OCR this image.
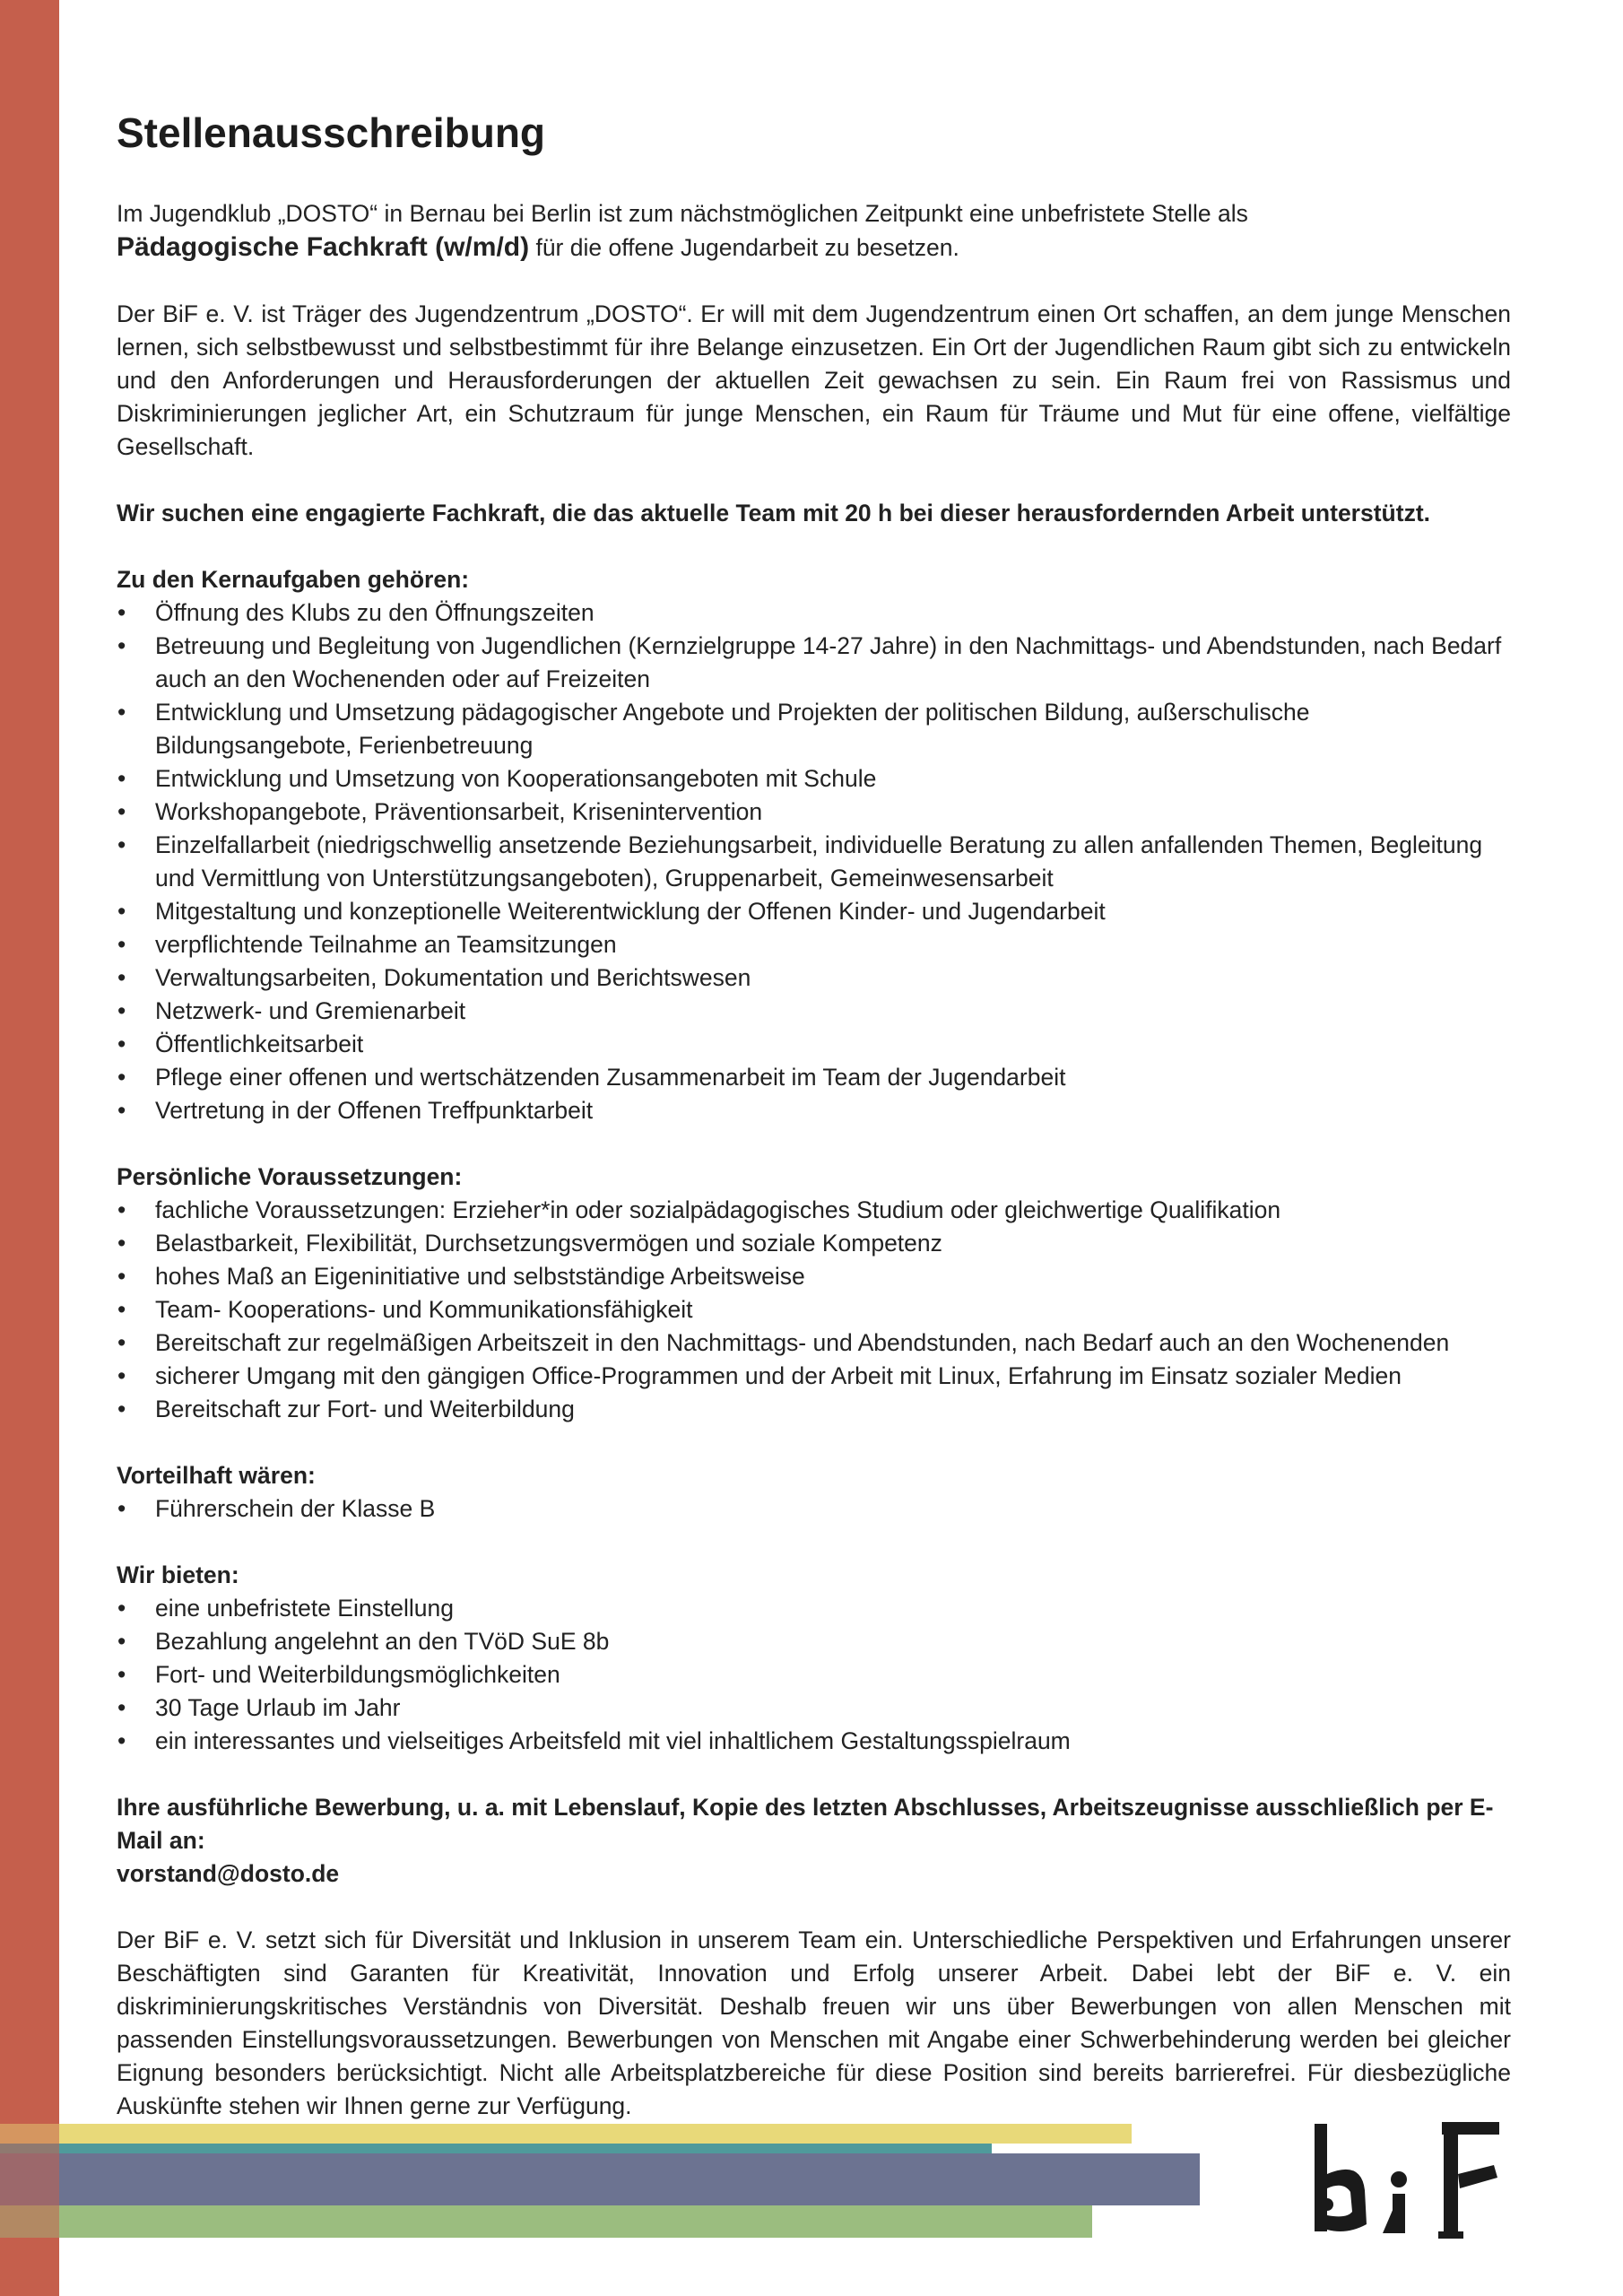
Stellenausschreibung

Im Jugendklub „DOSTO“ in Bernau bei Berlin ist zum nächstmöglichen Zeitpunkt eine unbefristete Stelle als

Pädagogische Fachkraft (w/m/d) für die offene Jugendarbeit zu besetzen.

Der BiF e. V. ist Träger des Jugendzentrum „DOSTO“. Er will mit dem Jugendzentrum einen Ort schaffen, an dem junge Menschen lernen, sich selbstbewusst und selbstbestimmt für ihre Belange einzusetzen. Ein Ort der Jugendlichen Raum gibt sich zu entwickeln und den Anforderungen und Herausforderungen der aktuellen Zeit gewachsen zu sein. Ein Raum frei von Rassismus und Diskriminierungen jeglicher Art, ein Schutzraum für junge Menschen, ein Raum für Träume und Mut für eine offene, vielfältige Gesellschaft.

Wir suchen eine engagierte Fachkraft, die das aktuelle Team mit 20 h bei dieser herausfordernden Arbeit unterstützt.

Zu den Kernaufgaben gehören:

• Öffnung des Klubs zu den Öffnungszeiten
• Betreuung und Begleitung von Jugendlichen (Kernzielgruppe 14-27 Jahre) in den Nachmittags- und Abendstunden, nach Bedarf auch an den Wochenenden oder auf Freizeiten
• Entwicklung und Umsetzung pädagogischer Angebote und Projekten der politischen Bildung, außerschulische Bildungsangebote, Ferienbetreuung
• Entwicklung und Umsetzung von Kooperationsangeboten mit Schule
• Workshopangebote, Präventionsarbeit, Krisenintervention
• Einzelfallarbeit (niedrigschwellig ansetzende Beziehungsarbeit, individuelle Beratung zu allen anfallenden Themen, Begleitung und Vermittlung von Unterstützungsangeboten), Gruppenarbeit, Gemeinwesensarbeit
• Mitgestaltung und konzeptionelle Weiterentwicklung der Offenen Kinder- und Jugendarbeit
• verpflichtende Teilnahme an Teamsitzungen
• Verwaltungsarbeiten, Dokumentation und Berichtswesen
• Netzwerk- und Gremienarbeit
• Öffentlichkeitsarbeit
• Pflege einer offenen und wertschätzenden Zusammenarbeit im Team der Jugendarbeit
• Vertretung in der Offenen Treffpunktarbeit

Persönliche Voraussetzungen:

• fachliche Voraussetzungen: Erzieher*in oder sozialpädagogisches Studium oder gleichwertige Qualifikation
• Belastbarkeit, Flexibilität, Durchsetzungsvermögen und soziale Kompetenz
• hohes Maß an Eigeninitiative und selbstständige Arbeitsweise
• Team- Kooperations- und Kommunikationsfähigkeit
• Bereitschaft zur regelmäßigen Arbeitszeit in den Nachmittags- und Abendstunden, nach Bedarf auch an den Wochenenden
• sicherer Umgang mit den gängigen Office-Programmen und der Arbeit mit Linux, Erfahrung im Einsatz sozialer Medien
• Bereitschaft zur Fort- und Weiterbildung

Vorteilhaft wären:

• Führerschein der Klasse B

Wir bieten:

• eine unbefristete Einstellung
• Bezahlung angelehnt an den TVöD SuE 8b
• Fort- und Weiterbildungsmöglichkeiten
• 30 Tage Urlaub im Jahr
• ein interessantes und vielseitiges Arbeitsfeld mit viel inhaltlichem Gestaltungsspielraum

Ihre ausführliche Bewerbung, u. a. mit Lebenslauf, Kopie des letzten Abschlusses, Arbeitszeugnisse ausschließlich per E-Mail an:

vorstand@dosto.de

Der BiF e. V. setzt sich für Diversität und Inklusion in unserem Team ein. Unterschiedliche Perspektiven und Erfahrungen unserer Beschäftigten sind Garanten für Kreativität, Innovation und Erfolg unserer Arbeit. Dabei lebt der BiF e. V. ein diskriminierungskritisches Verständnis von Diversität. Deshalb freuen wir uns über Bewerbungen von allen Menschen mit passenden Einstellungsvoraussetzungen. Bewerbungen von Menschen mit Angabe einer Schwerbehinderung werden bei gleicher Eignung besonders berücksichtigt. Nicht alle Arbeitsplatzbereiche für diese Position sind bereits barrierefrei. Für diesbezügliche Auskünfte stehen wir Ihnen gerne zur Verfügung.
